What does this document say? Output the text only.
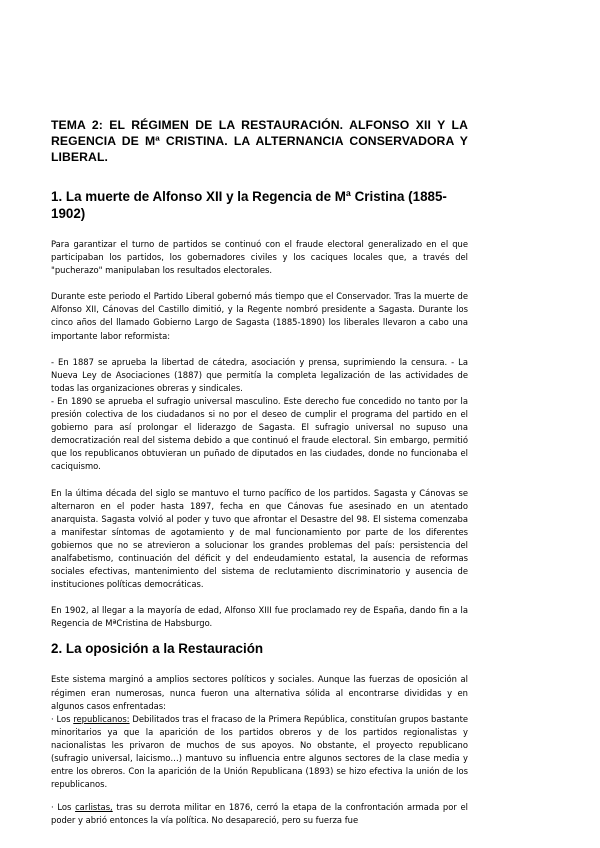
TEMA 2: EL RÉGIMEN DE LA RESTAURACIÓN. ALFONSO XII Y LA REGENCIA DE Mª CRISTINA. LA ALTERNANCIA CONSERVADORA Y LIBERAL.

1. La muerte de Alfonso XII y la Regencia de Mª Cristina (1885-1902)

Para garantizar el turno de partidos se continuó con el fraude electoral generalizado en el que participaban los partidos, los gobernadores civiles y los caciques locales que, a través del "pucherazo" manipulaban los resultados electorales.

Durante este periodo el Partido Liberal gobernó más tiempo que el Conservador. Tras la muerte de Alfonso XII, Cánovas del Castillo dimitió, y la Regente nombró presidente a Sagasta. Durante los cinco años del llamado Gobierno Largo de Sagasta (1885-1890) los liberales llevaron a cabo una importante labor reformista:

- En 1887 se aprueba la libertad de cátedra, asociación y prensa, suprimiendo la censura. - La Nueva Ley de Asociaciones (1887) que permitía la completa legalización de las actividades de todas las organizaciones obreras y sindicales.

- En 1890 se aprueba el sufragio universal masculino. Este derecho fue concedido no tanto por la presión colectiva de los ciudadanos si no por el deseo de cumplir el programa del partido en el gobierno para así prolongar el liderazgo de Sagasta. El sufragio universal no supuso una democratización real del sistema debido a que continuó el fraude electoral. Sin embargo, permitió que los republicanos obtuvieran un puñado de diputados en las ciudades, donde no funcionaba el caciquismo.

En la última década del siglo se mantuvo el turno pacífico de los partidos. Sagasta y Cánovas se alternaron en el poder hasta 1897, fecha en que Cánovas fue asesinado en un atentado anarquista. Sagasta volvió al poder y tuvo que afrontar el Desastre del 98. El sistema comenzaba a manifestar síntomas de agotamiento y de mal funcionamiento por parte de los diferentes gobiernos que no se atrevieron a solucionar los grandes problemas del país: persistencia del analfabetismo, continuación del déficit y del endeudamiento estatal, la ausencia de reformas sociales efectivas, mantenimiento del sistema de reclutamiento discriminatorio y ausencia de instituciones políticas democráticas.

En 1902, al llegar a la mayoría de edad, Alfonso XIII fue proclamado rey de España, dando fin a la Regencia de MªCristina de Habsburgo.

2. La oposición a la Restauración

Este sistema marginó a amplios sectores políticos y sociales. Aunque las fuerzas de oposición al régimen eran numerosas, nunca fueron una alternativa sólida al encontrarse divididas y en algunos casos enfrentadas:

· Los republicanos: Debilitados tras el fracaso de la Primera República, constituían grupos bastante minoritarios ya que la aparición de los partidos obreros y de los partidos regionalistas y nacionalistas les privaron de muchos de sus apoyos. No obstante, el proyecto republicano (sufragio universal, laicismo…) mantuvo su influencia entre algunos sectores de la clase media y entre los obreros. Con la aparición de la Unión Republicana (1893) se hizo efectiva la unión de los republicanos.

· Los carlistas, tras su derrota militar en 1876, cerró la etapa de la confrontación armada por el poder y abrió entonces la vía política. No desapareció, pero su fuerza fue
